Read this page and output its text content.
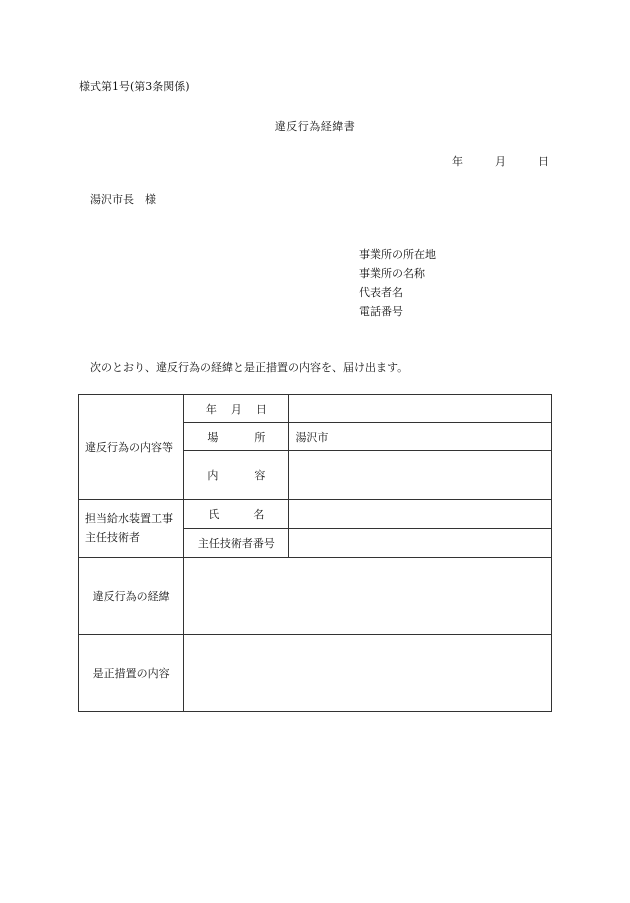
様式第1号(第3条関係)
違反行為経緯書
年	月	日
湯沢市長　様
事業所の所在地
事業所の名称
代表者名
電話番号
次のとおり、違反行為の経緯と是正措置の内容を、届け出ます。
違反行為の内容等	年 月 日	
	場 所	湯沢市
	内 容	
担当給水装置工事
主任技術者	氏 名	
	主任技術者番号	
違反行為の経緯		
是正措置の内容		
